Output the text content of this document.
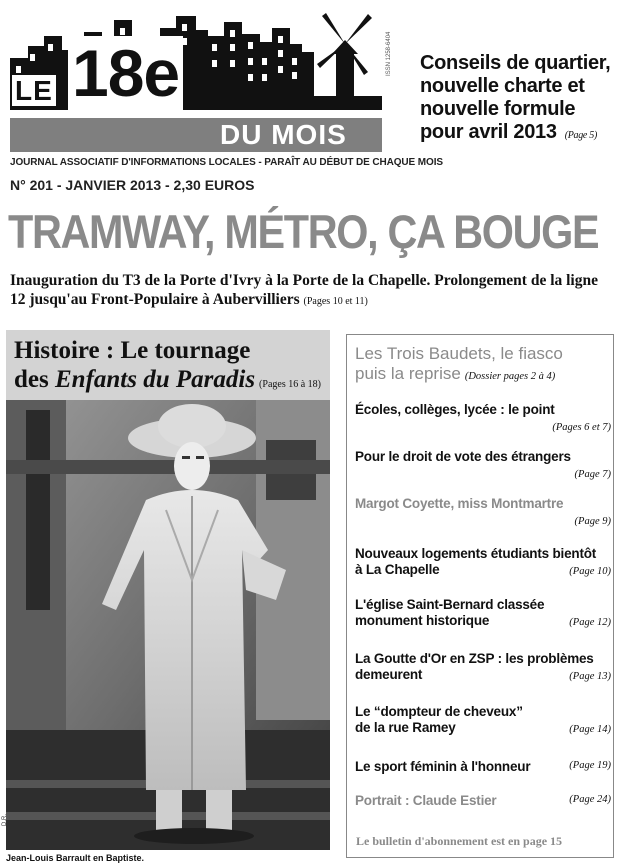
LE 18e
DU MOIS
ISSN 1258-6404
JOURNAL ASSOCIATIF D'INFORMATIONS LOCALES - PARAÎT AU DÉBUT DE CHAQUE MOIS
N° 201 - JANVIER 2013 - 2,30 EUROS
Conseils de quartier,
nouvelle charte et
nouvelle formule
pour avril 2013 (Page 5)
TRAMWAY, MÉTRO, ÇA BOUGE
Inauguration du T3 de la Porte d'Ivry à la Porte de la Chapelle. Prolongement de la ligne 12 jusqu'au Front-Populaire à Aubervilliers (Pages 10 et 11)
Histoire : Le tournage
des Enfants du Paradis (Pages 16 à 18)
D.R.
Jean-Louis Barrault en Baptiste.
Les Trois Baudets, le fiasco
puis la reprise (Dossier pages 2 à 4)
Écoles, collèges, lycée : le point
(Pages 6 et 7)
Pour le droit de vote des étrangers
(Page 7)
Margot Coyette, miss Montmartre
(Page 9)
Nouveaux logements étudiants bientôt
à La Chapelle	(Page 10)
L'église Saint-Bernard classée
monument historique	(Page 12)
La Goutte d'Or en ZSP : les problèmes
demeurent	(Page 13)
Le “dompteur de cheveux”
de la rue Ramey	(Page 14)
Le sport féminin à l'honneur	(Page 19)
Portrait : Claude Estier	(Page 24)
Le bulletin d'abonnement est en page 15
